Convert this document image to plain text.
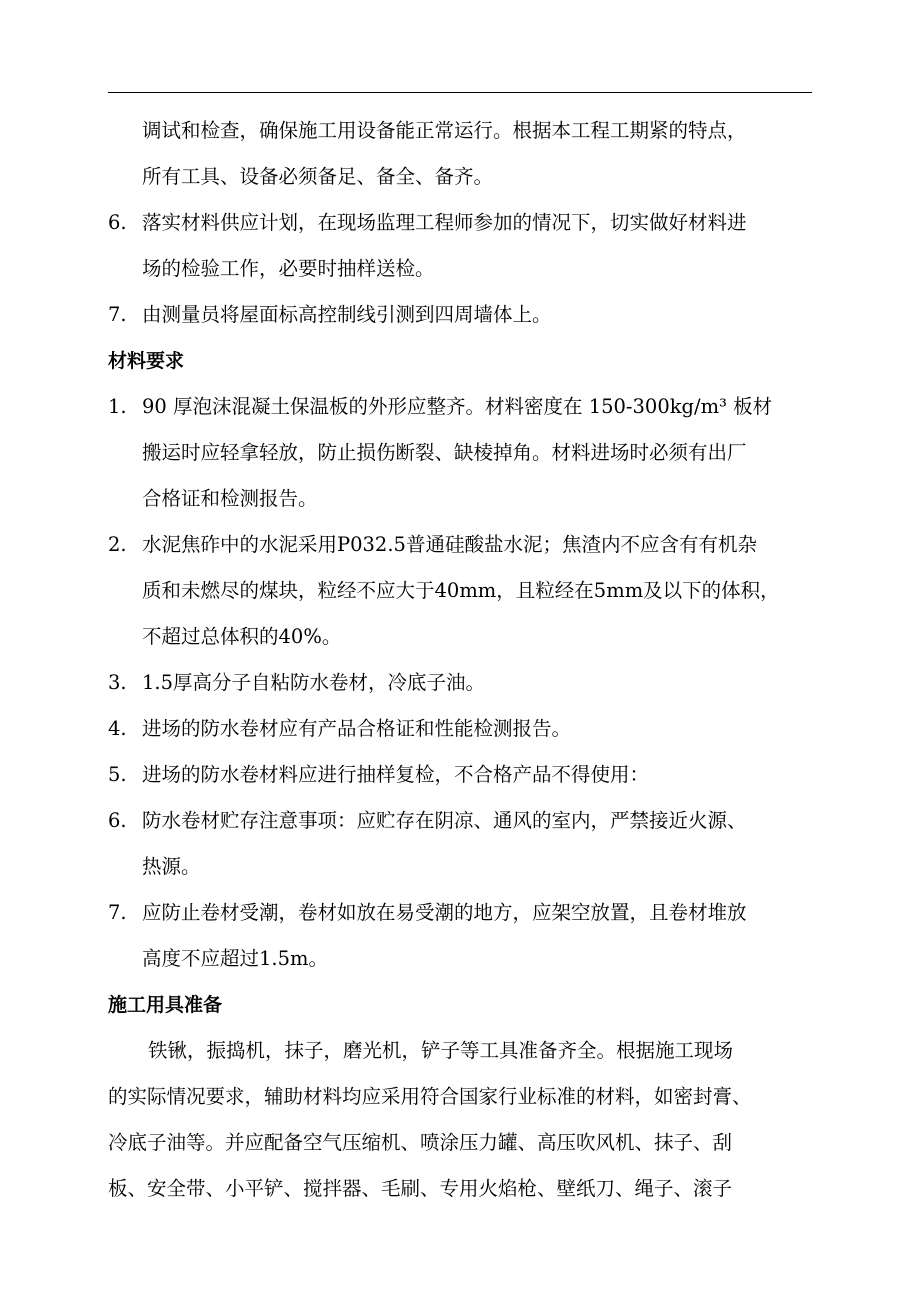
调试和检查，确保施工用设备能正常运行。根据本工程工期紧的特点，
所有工具、设备必须备足、备全、备齐。
6. 落实材料供应计划，在现场监理工程师参加的情况下，切实做好材料进
场的检验工作，必要时抽样送检。
7. 由测量员将屋面标高控制线引测到四周墙体上。
材料要求
1. 90 厚泡沫混凝土保温板的外形应整齐。材料密度在 150-300kg/m³ 板材
搬运时应轻拿轻放，防止损伤断裂、缺棱掉角。材料进场时必须有出厂
合格证和检测报告。
2. 水泥焦砟中的水泥采用P032.5普通硅酸盐水泥；焦渣内不应含有有机杂
质和未燃尽的煤块，粒经不应大于40mm，且粒经在5mm及以下的体积，
不超过总体积的40%。
3. 1.5厚高分子自粘防水卷材，冷底子油。
4. 进场的防水卷材应有产品合格证和性能检测报告。
5. 进场的防水卷材料应进行抽样复检，不合格产品不得使用：
6. 防水卷材贮存注意事项：应贮存在阴凉、通风的室内，严禁接近火源、
热源。
7. 应防止卷材受潮，卷材如放在易受潮的地方，应架空放置，且卷材堆放
高度不应超过1.5m。
施工用具准备
铁锹，振捣机，抹子，磨光机，铲子等工具准备齐全。根据施工现场
的实际情况要求，辅助材料均应采用符合国家行业标准的材料，如密封膏、
冷底子油等。并应配备空气压缩机、喷涂压力罐、高压吹风机、抹子、刮
板、安全带、小平铲、搅拌器、毛刷、专用火焰枪、壁纸刀、绳子、滚子
